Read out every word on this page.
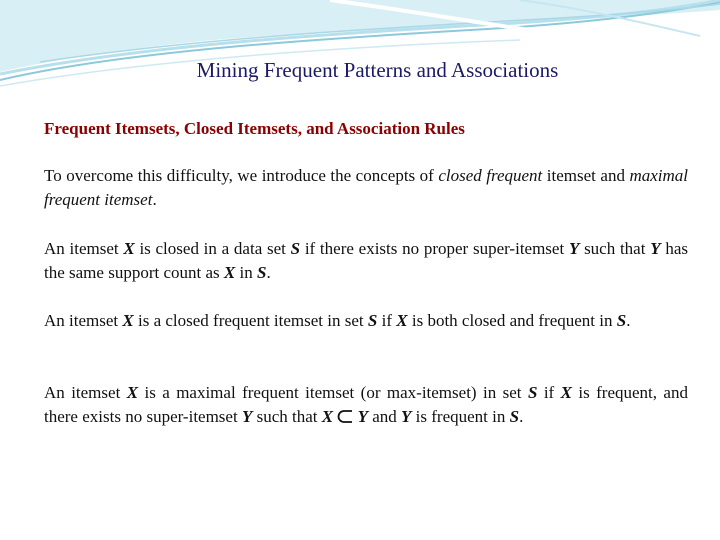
Mining Frequent Patterns and Associations
Frequent Itemsets, Closed Itemsets, and Association Rules
To overcome this difficulty, we introduce the concepts of closed frequent itemset and maximal frequent itemset.
An itemset X is closed in a data set S if there exists no proper super-itemset Y such that Y has the same support count as X in S.
An itemset X is a closed frequent itemset in set S if X is both closed and frequent in S.
An itemset X is a maximal frequent itemset (or max-itemset) in set S if X is frequent, and there exists no super-itemset Y such that X Y and Y is frequent in S.
